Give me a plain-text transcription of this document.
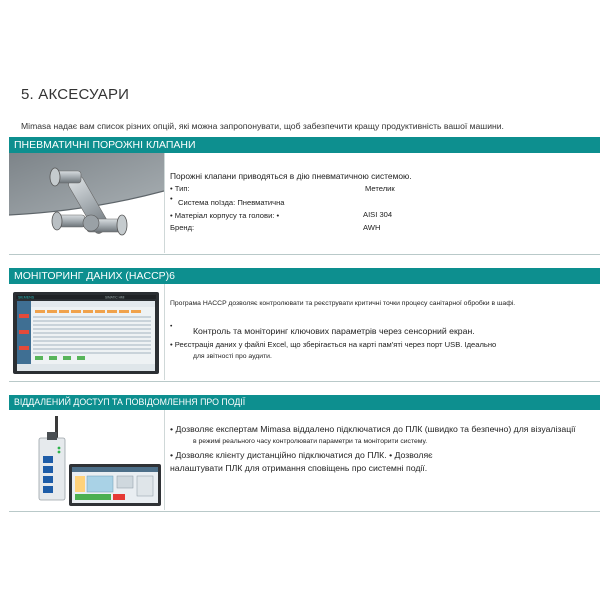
5. АКСЕСУАРИ
Mimasa надає вам список різних опцій, які можна запропонувати, щоб забезпечити кращу продуктивність вашої машини.
ПНЕВМАТИЧНІ ПОРОЖНІ КЛАПАНИ
Порожні клапани приводяться в дію пневматичною системою.
• Тип:	Метелик
• Система поїзда: Пневматична
• Матеріал корпусу та голови: •	AISI 304
Бренд:	AWH
МОНІТОРИНГ ДАНИХ (HACCP)6
SIEMENS	SIMATIC HMI
Програма HACCP дозволяє контролювати та реєструвати критичні точки процесу санітарної обробки в шафі.
• Контроль та моніторинг ключових параметрів через сенсорний екран.
• Реєстрація даних у файлі Excel, що зберігається на карті пам'яті через порт USB. Ідеально
для звітності про аудити.
ВІДДАЛЕНИЙ ДОСТУП ТА ПОВІДОМЛЕННЯ ПРО ПОДІЇ
• Дозволяє експертам Mimasa віддалено підключатися до ПЛК (швидко та безпечно) для візуалізації
в режимі реального часу контролювати параметри та моніторити систему.
• Дозволяє клієнту дистанційно підключатися до ПЛК. • Дозволяє
налаштувати ПЛК для отримання сповіщень про системні події.
